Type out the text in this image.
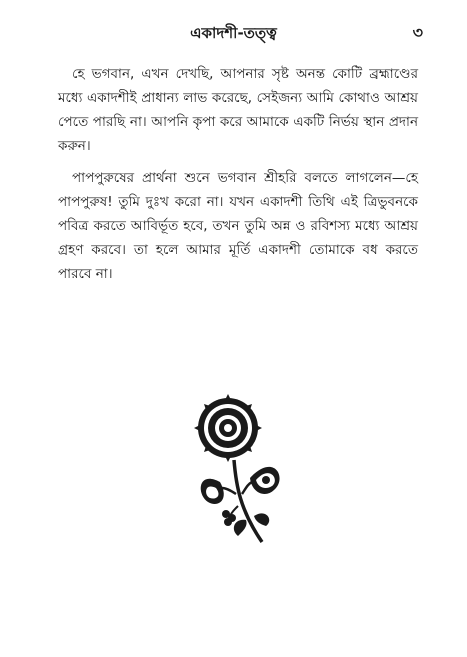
একাদশী-তত্ত্ব	৩

হে ভগবান, এখন দেখছি, আপনার সৃষ্ট অনন্ত কোটি ব্রহ্মাণ্ডের মধ্যে একাদশীই প্রাধান্য লাভ করেছে, সেইজন্য আমি কোথাও আশ্রয় পেতে পারছি না। আপনি কৃপা করে আমাকে একটি নির্ভয় স্থান প্রদান করুন।

পাপপুরুষের প্রার্থনা শুনে ভগবান শ্রীহরি বলতে লাগলেন—হে পাপপুরুষ! তুমি দুঃখ করো না। যখন একাদশী তিথি এই ত্রিভুবনকে পবিত্র করতে আবির্ভূত হবে, তখন তুমি অন্ন ও রবিশস্য মধ্যে আশ্রয় গ্রহণ করবে। তা হলে আমার মূর্তি একাদশী তোমাকে বধ করতে পারবে না।
